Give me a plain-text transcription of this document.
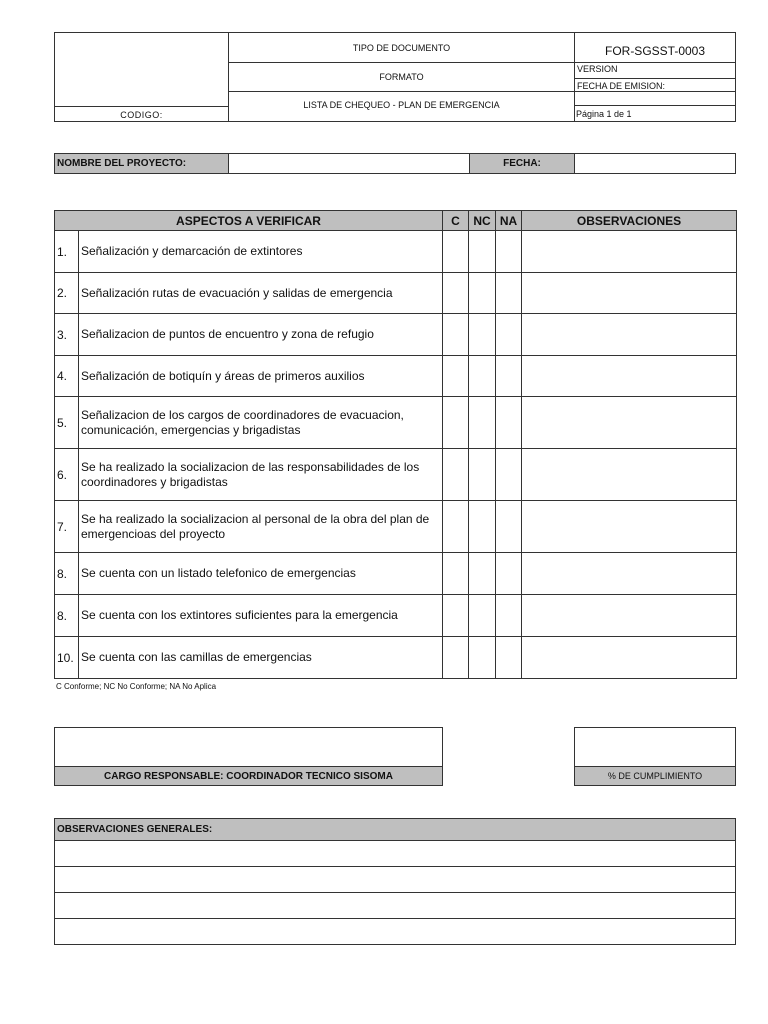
CODIGO:
TIPO DE DOCUMENTO
FORMATO
LISTA DE CHEQUEO - PLAN DE EMERGENCIA
FOR-SGSST-0003
VERSION
FECHA DE EMISION:
Página 1 de 1
NOMBRE DEL PROYECTO:	FECHA:
ASPECTOS A VERIFICAR		C	NC	NA	OBSERVACIONES
1.	Señalización y demarcación de extintores				
2.	Señalización rutas de evacuación y salidas de emergencia				
3.	Señalizacion de puntos de encuentro y zona de refugio				
4.	Señalización de botiquín y áreas de primeros auxilios				
5.	Señalizacion de los cargos de coordinadores de evacuacion, comunicación, emergencias y brigadistas				
6.	Se ha realizado la socializacion de las responsabilidades de los coordinadores y brigadistas				
7.	Se ha realizado la socializacion al personal de la obra del plan de emergencioas del proyecto				
8.	Se cuenta con un listado telefonico de emergencias				
8.	Se cuenta con los extintores suficientes para la emergencia				
10.	Se cuenta con las camillas de emergencias				
C Conforme; NC No Conforme; NA No Aplica
CARGO RESPONSABLE: COORDINADOR TECNICO SISOMA	% DE CUMPLIMIENTO
OBSERVACIONES GENERALES:
